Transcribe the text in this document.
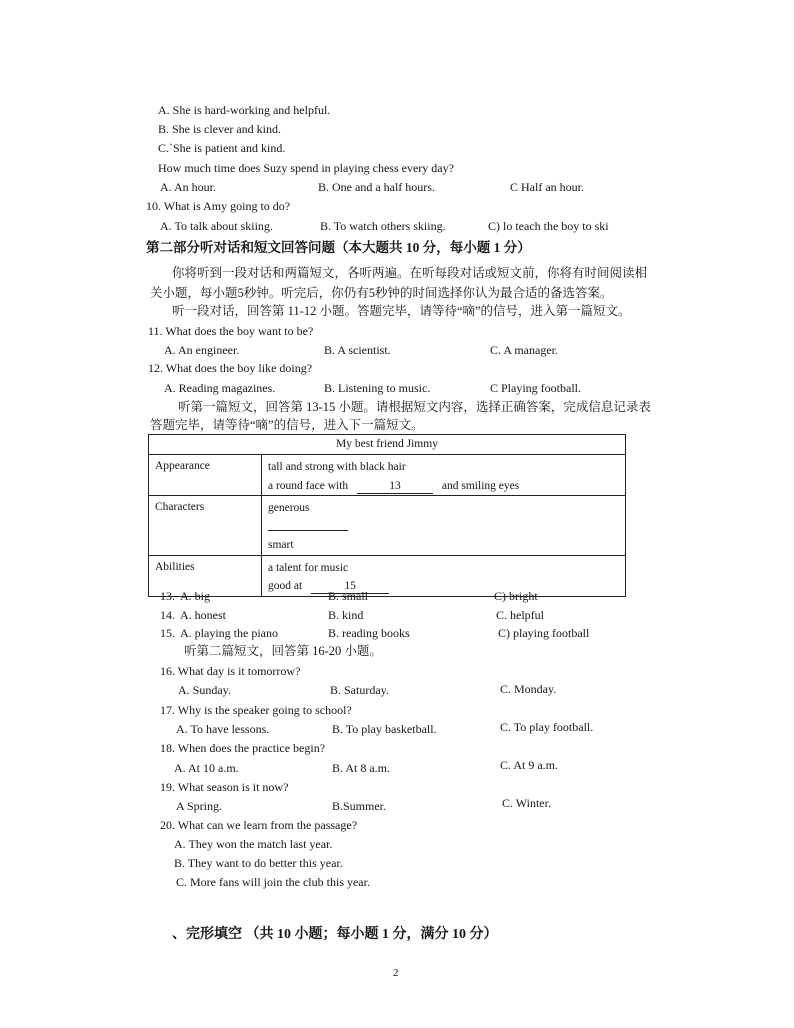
A. She is hard-working and helpful.
B. She is clever and kind.
C.`She is patient and kind.
How much time does Suzy spend in playing chess every day?
A. An hour.	B. One and a half hours.	C Half an hour.
10. What is Amy going to do?
A. To talk about skiing.	B. To watch others skiing.	C) lo teach the boy to ski
第二部分听对话和短文回答问题（本大题共 10 分，每小题 1 分）
你将听到一段对话和两篇短文，各听两遍。在听每段对话或短文前，你将有时间阅读相
关小题，每小题5秒钟。听完后，你仍有5秒钟的时间选择你认为最合适的备选答案。
听一段对话，回答第 11-12 小题。答题完毕，请等待“嘀”的信号，进入第一篇短文。
11. What does the boy want to be?
A. An engineer.	B. A scientist.	C. A manager.
12. What does the boy like doing?
A. Reading magazines.	B. Listening to music.	C Playing football.
听第一篇短文，回答第 13-15 小题。请根据短文内容，选择正确答案，完成信息记录表
答题完毕，请等待“嘀”的信号，进入下一篇短文。
My best friend Jimmy	
Appearance	tall and strong with black hair
a round face with 13 and smiling eyes

Characters	generous
smart

Abilities	a talent for music
good at 15
13. A. big	B. small	C) bright
14. A. honest	B. kind	C. helpful
15. A. playing the piano	B. reading books	C) playing football
听第二篇短文，回答第 16-20 小题。
16. What day is it tomorrow?
A. Sunday.	B. Saturday.	C. Monday.
17. Why is the speaker going to school?
A. To have lessons.	B. To play basketball.	C. To play football.
18. When does the practice begin?
A. At 10 a.m.	B. At 8 a.m.	C. At 9 a.m.
19. What season is it now?
A Spring.	B.Summer.	C. Winter.
20. What can we learn from the passage?
A. They won the match last year.
B. They want to do better this year.
C. More fans will join the club this year.
、完形填空 （共 10 小题；每小题 1 分，满分 10 分）
2
